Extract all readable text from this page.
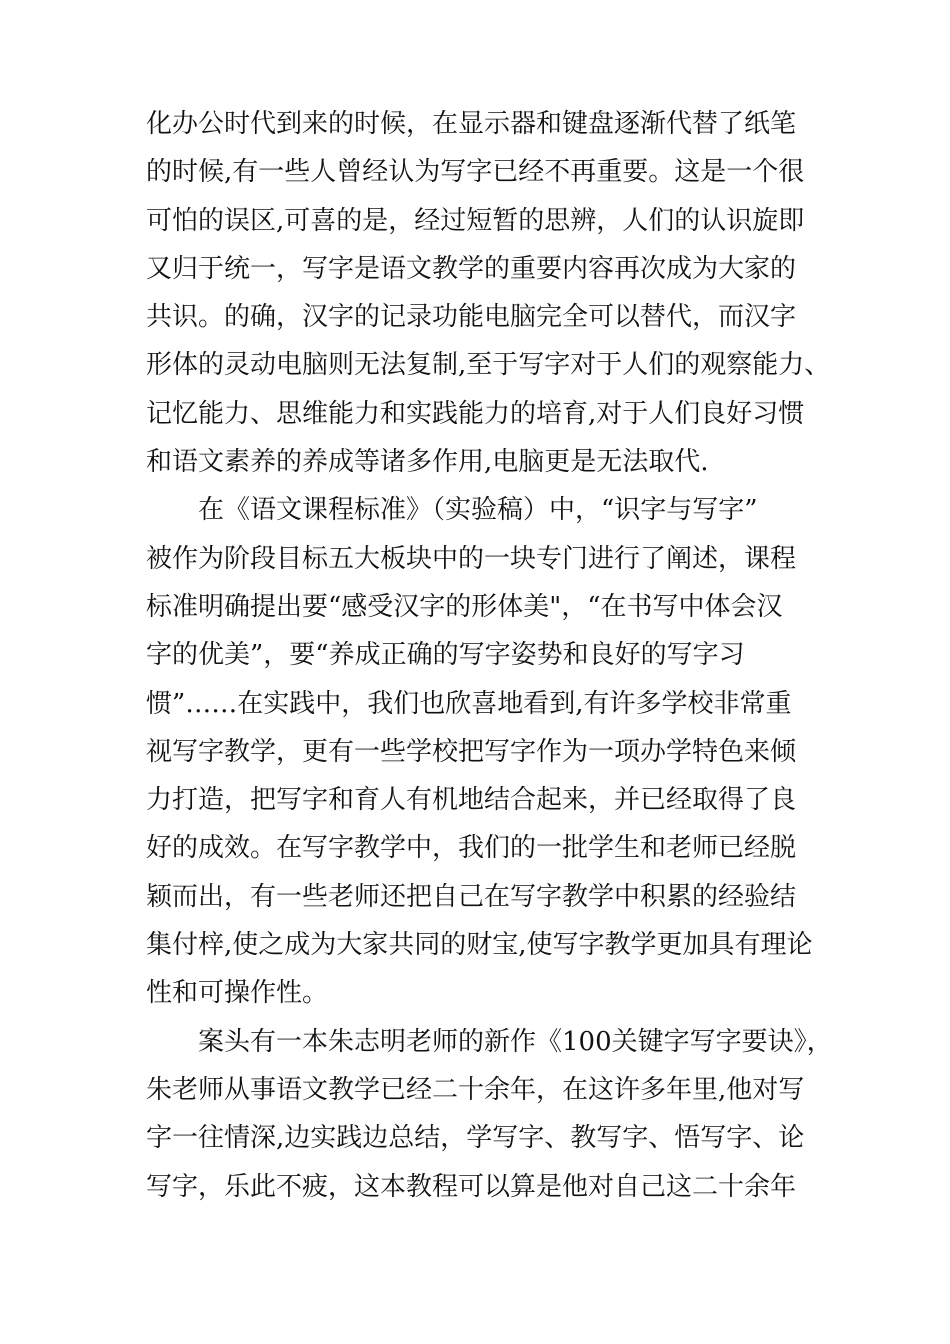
化办公时代到来的时候，在显示器和键盘逐渐代替了纸笔
的时候,有一些人曾经认为写字已经不再重要。这是一个很
可怕的误区,可喜的是，经过短暂的思辨，人们的认识旋即
又归于统一，写字是语文教学的重要内容再次成为大家的
共识。的确，汉字的记录功能电脑完全可以替代，而汉字
形体的灵动电脑则无法复制,至于写字对于人们的观察能力、
记忆能力、思维能力和实践能力的培育,对于人们良好习惯
和语文素养的养成等诸多作用,电脑更是无法取代.
在《语文课程标准》（实验稿）中，“识字与写字”
被作为阶段目标五大板块中的一块专门进行了阐述，课程
标准明确提出要“感受汉字的形体美"，“在书写中体会汉
字的优美”，要“养成正确的写字姿势和良好的写字习
惯”……在实践中，我们也欣喜地看到,有许多学校非常重
视写字教学，更有一些学校把写字作为一项办学特色来倾
力打造，把写字和育人有机地结合起来，并已经取得了良
好的成效。在写字教学中，我们的一批学生和老师已经脱
颖而出，有一些老师还把自己在写字教学中积累的经验结
集付梓,使之成为大家共同的财宝,使写字教学更加具有理论
性和可操作性。
案头有一本朱志明老师的新作《100关键字写字要诀》，
朱老师从事语文教学已经二十余年，在这许多年里,他对写
字一往情深,边实践边总结，学写字、教写字、悟写字、论
写字，乐此不疲，这本教程可以算是他对自己这二十余年
